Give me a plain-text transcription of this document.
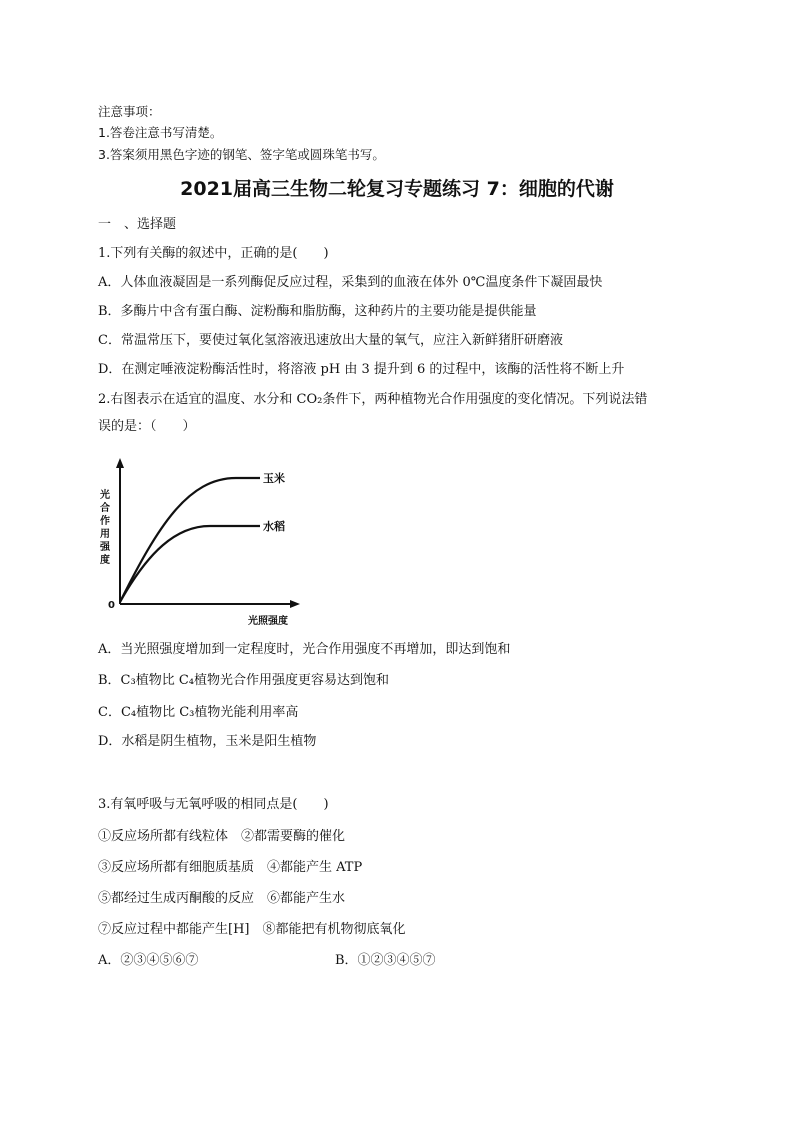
注意事项：
1.答卷注意书写清楚。
3.答案须用黑色字迹的钢笔、签字笔或圆珠笔书写。
2021届高三生物二轮复习专题练习 7：细胞的代谢
一　、选择题
1.下列有关酶的叙述中，正确的是(　　)
A．人体血液凝固是一系列酶促反应过程，采集到的血液在体外 0℃温度条件下凝固最快
B．多酶片中含有蛋白酶、淀粉酶和脂肪酶，这种药片的主要功能是提供能量
C．常温常压下，要使过氧化氢溶液迅速放出大量的氧气，应注入新鲜猪肝研磨液
D．在测定唾液淀粉酶活性时，将溶液 pH 由 3 提升到 6 的过程中，该酶的活性将不断上升
2.右图表示在适宜的温度、水分和 CO₂条件下，两种植物光合作用强度的变化情况。下列说法错
误的是：（　　）
玉米
水稻
0
光照强度
光合作用强度
A．当光照强度增加到一定程度时，光合作用强度不再增加，即达到饱和
B．C₃植物比 C₄植物光合作用强度更容易达到饱和
C．C₄植物比 C₃植物光能利用率高
D．水稻是阴生植物，玉米是阳生植物
3.有氧呼吸与无氧呼吸的相同点是(　　)
①反应场所都有线粒体　②都需要酶的催化
③反应场所都有细胞质基质　④都能产生 ATP
⑤都经过生成丙酮酸的反应　⑥都能产生水
⑦反应过程中都能产生[H]　⑧都能把有机物彻底氧化
A．②③④⑤⑥⑦	B．①②③④⑤⑦
